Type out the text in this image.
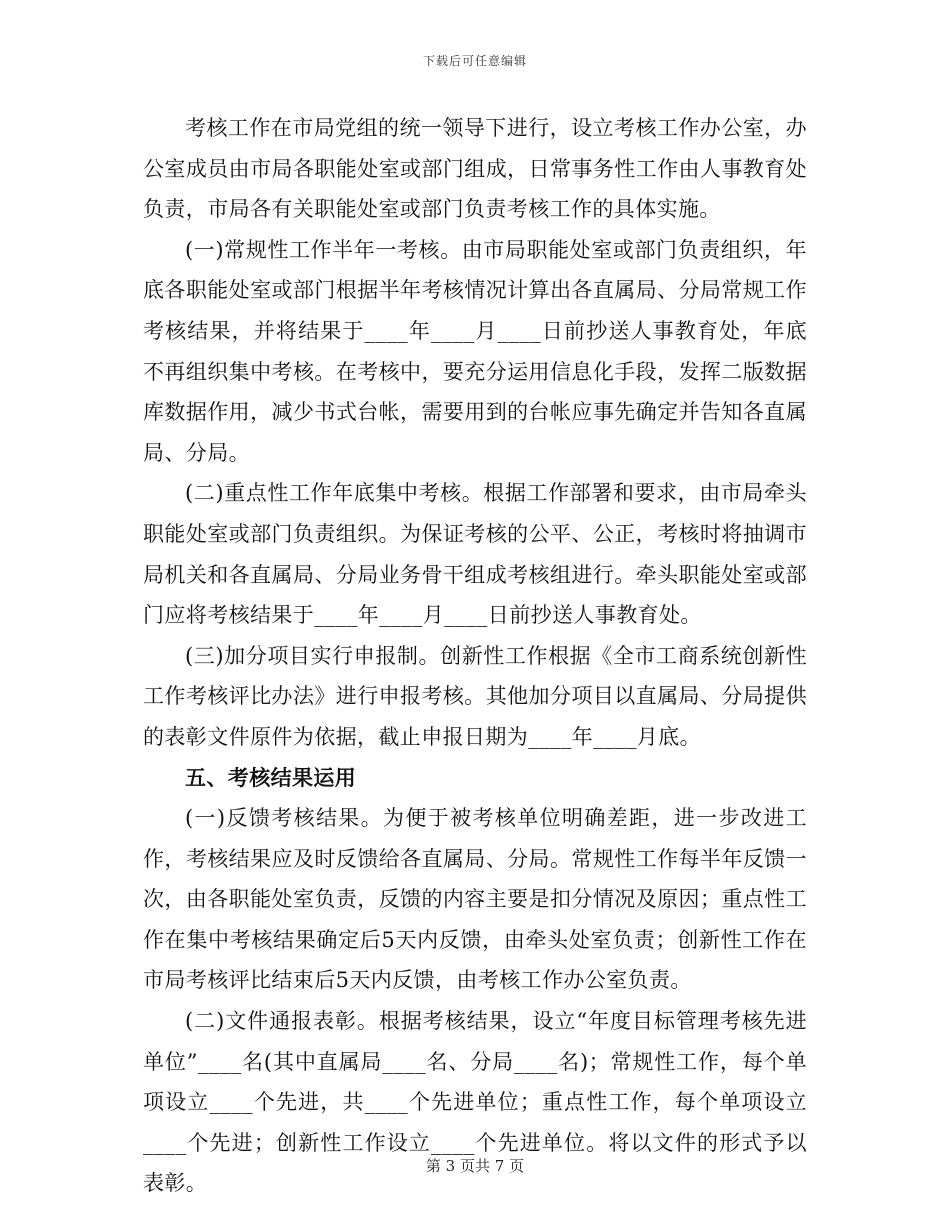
下载后可任意编辑

考核工作在市局党组的统一领导下进行，设立考核工作办公室，办公室成员由市局各职能处室或部门组成，日常事务性工作由人事教育处负责，市局各有关职能处室或部门负责考核工作的具体实施。

(一)常规性工作半年一考核。由市局职能处室或部门负责组织，年底各职能处室或部门根据半年考核情况计算出各直属局、分局常规工作考核结果，并将结果于____年____月____日前抄送人事教育处，年底不再组织集中考核。在考核中，要充分运用信息化手段，发挥二版数据库数据作用，减少书式台帐，需要用到的台帐应事先确定并告知各直属局、分局。

(二)重点性工作年底集中考核。根据工作部署和要求，由市局牵头职能处室或部门负责组织。为保证考核的公平、公正，考核时将抽调市局机关和各直属局、分局业务骨干组成考核组进行。牵头职能处室或部门应将考核结果于____年____月____日前抄送人事教育处。

(三)加分项目实行申报制。创新性工作根据《全市工商系统创新性工作考核评比办法》进行申报考核。其他加分项目以直属局、分局提供的表彰文件原件为依据，截止申报日期为____年____月底。

五、考核结果运用

(一)反馈考核结果。为便于被考核单位明确差距，进一步改进工作，考核结果应及时反馈给各直属局、分局。常规性工作每半年反馈一次，由各职能处室负责，反馈的内容主要是扣分情况及原因；重点性工作在集中考核结果确定后5天内反馈，由牵头处室负责；创新性工作在市局考核评比结束后5天内反馈，由考核工作办公室负责。

(二)文件通报表彰。根据考核结果，设立“年度目标管理考核先进单位”____名(其中直属局____名、分局____名)；常规性工作，每个单项设立____个先进，共____个先进单位；重点性工作，每个单项设立____个先进；创新性工作设立____个先进单位。将以文件的形式予以表彰。

第 3 页共 7 页
